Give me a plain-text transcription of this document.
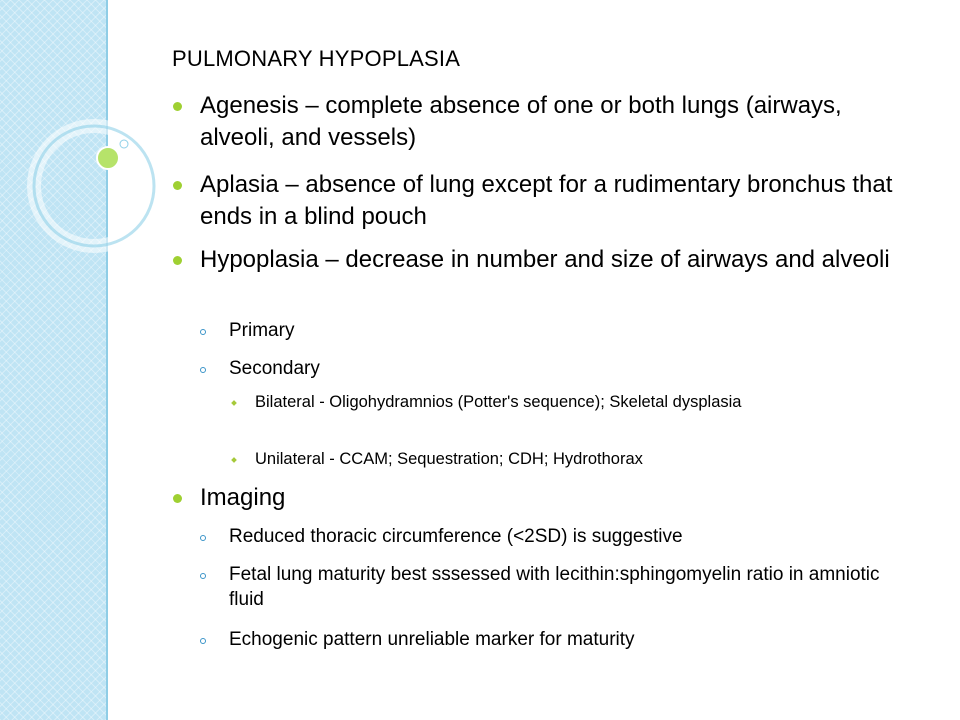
PULMONARY HYPOPLASIA
Agenesis – complete absence of one or both lungs (airways, alveoli, and vessels)
Aplasia – absence of lung except for a rudimentary bronchus that ends in a blind pouch
Hypoplasia – decrease in number and size of airways and alveoli
Primary
Secondary
Bilateral - Oligohydramnios (Potter's sequence); Skeletal dysplasia
Unilateral - CCAM; Sequestration; CDH; Hydrothorax
Imaging
Reduced thoracic circumference (<2SD) is suggestive
Fetal lung maturity best sssessed with lecithin:sphingomyelin ratio in amniotic fluid
Echogenic pattern unreliable marker for maturity
